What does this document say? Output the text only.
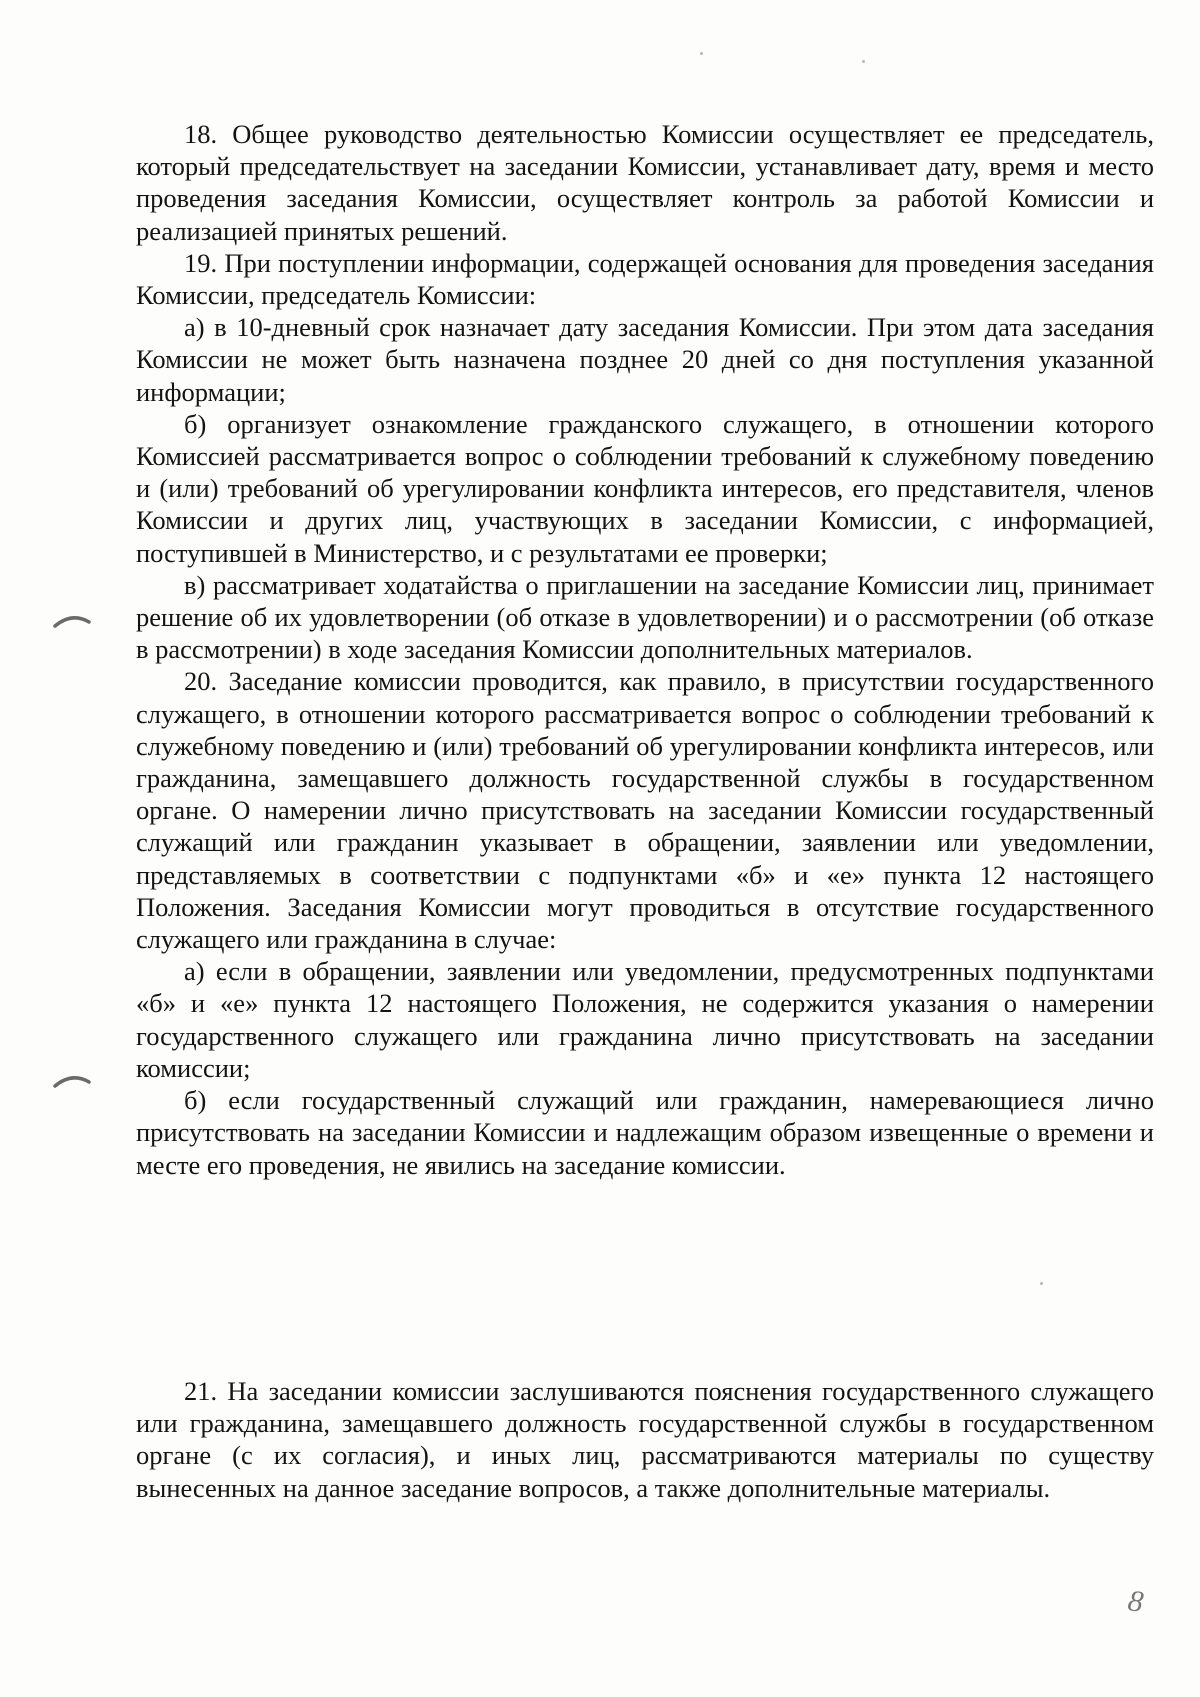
18. Общее руководство деятельностью Комиссии осуществляет ее председатель, который председательствует на заседании Комиссии, устанавливает дату, время и место проведения заседания Комиссии, осуществляет контроль за работой Комиссии и реализацией принятых решений.

19. При поступлении информации, содержащей основания для проведения заседания Комиссии, председатель Комиссии:

а) в 10-дневный срок назначает дату заседания Комиссии. При этом дата заседания Комиссии не может быть назначена позднее 20 дней со дня поступления указанной информации;

б) организует ознакомление гражданского служащего, в отношении которого Комиссией рассматривается вопрос о соблюдении требований к служебному поведению и (или) требований об урегулировании конфликта интересов, его представителя, членов Комиссии и других лиц, участвующих в заседании Комиссии, с информацией, поступившей в Министерство, и с результатами ее проверки;

в) рассматривает ходатайства о приглашении на заседание Комиссии лиц, принимает решение об их удовлетворении (об отказе в удовлетворении) и о рассмотрении (об отказе в рассмотрении) в ходе заседания Комиссии дополнительных материалов.

20. Заседание комиссии проводится, как правило, в присутствии государственного служащего, в отношении которого рассматривается вопрос о соблюдении требований к служебному поведению и (или) требований об урегулировании конфликта интересов, или гражданина, замещавшего должность государственной службы в государственном органе. О намерении лично присутствовать на заседании Комиссии государственный служащий или гражданин указывает в обращении, заявлении или уведомлении, представляемых в соответствии с подпунктами «б» и «е» пункта 12 настоящего Положения. Заседания Комиссии могут проводиться в отсутствие государственного служащего или гражданина в случае:

а) если в обращении, заявлении или уведомлении, предусмотренных подпунктами «б» и «е» пункта 12 настоящего Положения, не содержится указания о намерении государственного служащего или гражданина лично присутствовать на заседании комиссии;

б) если государственный служащий или гражданин, намеревающиеся лично присутствовать на заседании Комиссии и надлежащим образом извещенные о времени и месте его проведения, не явились на заседание комиссии.

21. На заседании комиссии заслушиваются пояснения государственного служащего или гражданина, замещавшего должность государственной службы в государственном органе (с их согласия), и иных лиц, рассматриваются материалы по существу вынесенных на данное заседание вопросов, а также дополнительные материалы.

8
